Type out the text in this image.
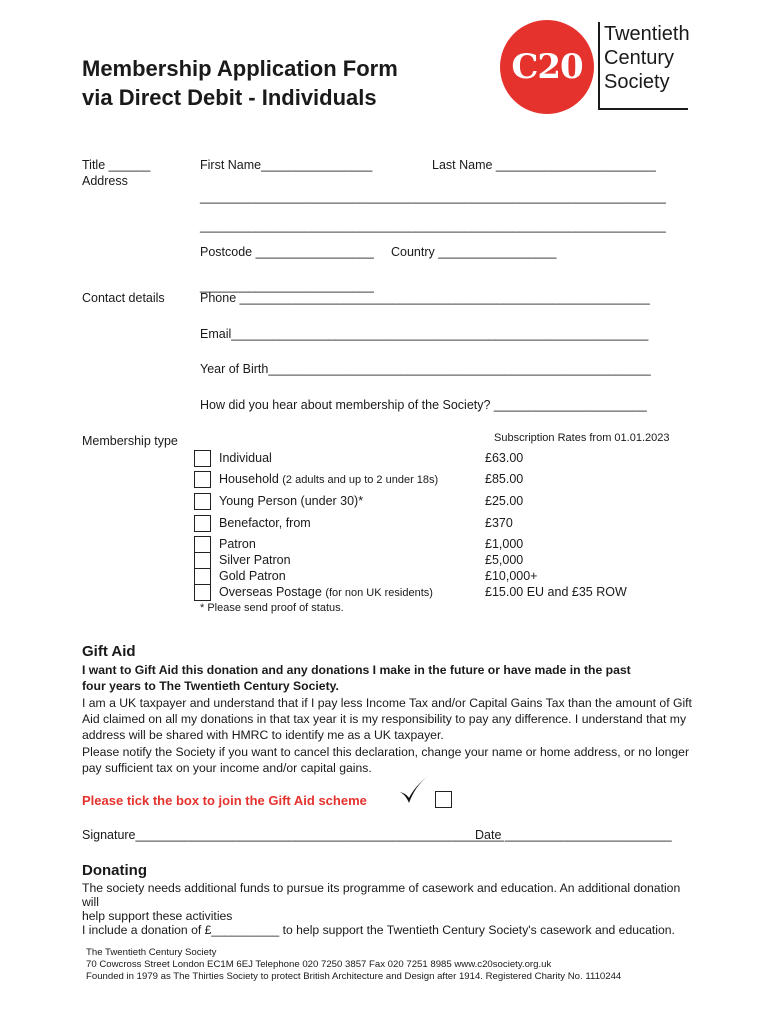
Membership Application Form
via Direct Debit - Individuals
C20
Twentieth
Century
Society
Title ______
Address
First Name________________	Last Name _______________________
___________________________________________________________________
___________________________________________________________________
Postcode _________________ Country _________________
_________________________
Contact details	Phone ___________________________________________________________
Email____________________________________________________________
Year of Birth_______________________________________________________
How did you hear about membership of the Society? ______________________
Membership type	Subscription Rates from 01.01.2023
Individual	£63.00
Household (2 adults and up to 2 under 18s)	£85.00
Young Person (under 30)*	£25.00
Benefactor, from	£370
Patron	£1,000
Silver Patron	£5,000
Gold Patron	£10,000+
Overseas Postage (for non UK residents)	£15.00 EU and £35 ROW
* Please send proof of status.
Gift Aid
I want to Gift Aid this donation and any donations I make in the future or have made in the past
four years to The Twentieth Century Society.
I am a UK taxpayer and understand that if I pay less Income Tax and/or Capital Gains Tax than the amount of Gift
Aid claimed on all my donations in that tax year it is my responsibility to pay any difference. I understand that my
address will be shared with HMRC to identify me as a UK taxpayer.
Please notify the Society if you want to cancel this declaration, change your name or home address, or no longer
pay sufficient tax on your income and/or capital gains.
Please tick the box to join the Gift Aid scheme
Signature_____________________________________________________
Date ________________________
Donating
The society needs additional funds to pursue its programme of casework and education. An additional donation will
help support these activities
I include a donation of £__________ to help support the Twentieth Century Society's casework and education.
The Twentieth Century Society
70 Cowcross Street London EC1M 6EJ Telephone 020 7250 3857 Fax 020 7251 8985 www.c20society.org.uk
Founded in 1979 as The Thirties Society to protect British Architecture and Design after 1914. Registered Charity No. 1110244
